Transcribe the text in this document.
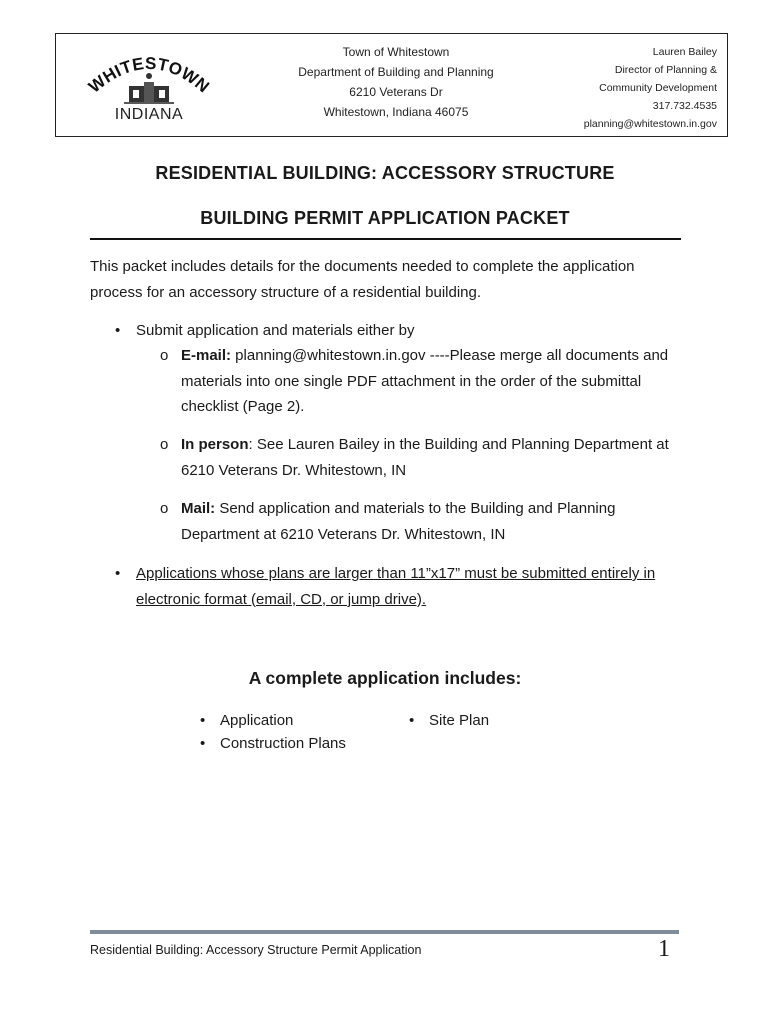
WHITESTOWN
INDIANA
Town of Whitestown
Department of Building and Planning
6210 Veterans Dr
Whitestown, Indiana 46075
Lauren Bailey
Director of Planning &
Community Development
317.732.4535
planning@whitestown.in.gov
RESIDENTIAL BUILDING: ACCESSORY STRUCTURE
BUILDING PERMIT APPLICATION PACKET
This packet includes details for the documents needed to complete the application process for an accessory structure of a residential building.
•	Submit application and materials either by
o E-mail: planning@whitestown.in.gov ----Please merge all documents and materials into one single PDF attachment in the order of the submittal checklist (Page 2).
o In person: See Lauren Bailey in the Building and Planning Department at 6210 Veterans Dr. Whitestown, IN
o Mail: Send application and materials to the Building and Planning Department at 6210 Veterans Dr. Whitestown, IN
•	Applications whose plans are larger than 11”x17” must be submitted entirely in electronic format (email, CD, or jump drive).
A complete application includes:
• Application
• Construction Plans
• Site Plan
Residential Building: Accessory Structure Permit Application	1
